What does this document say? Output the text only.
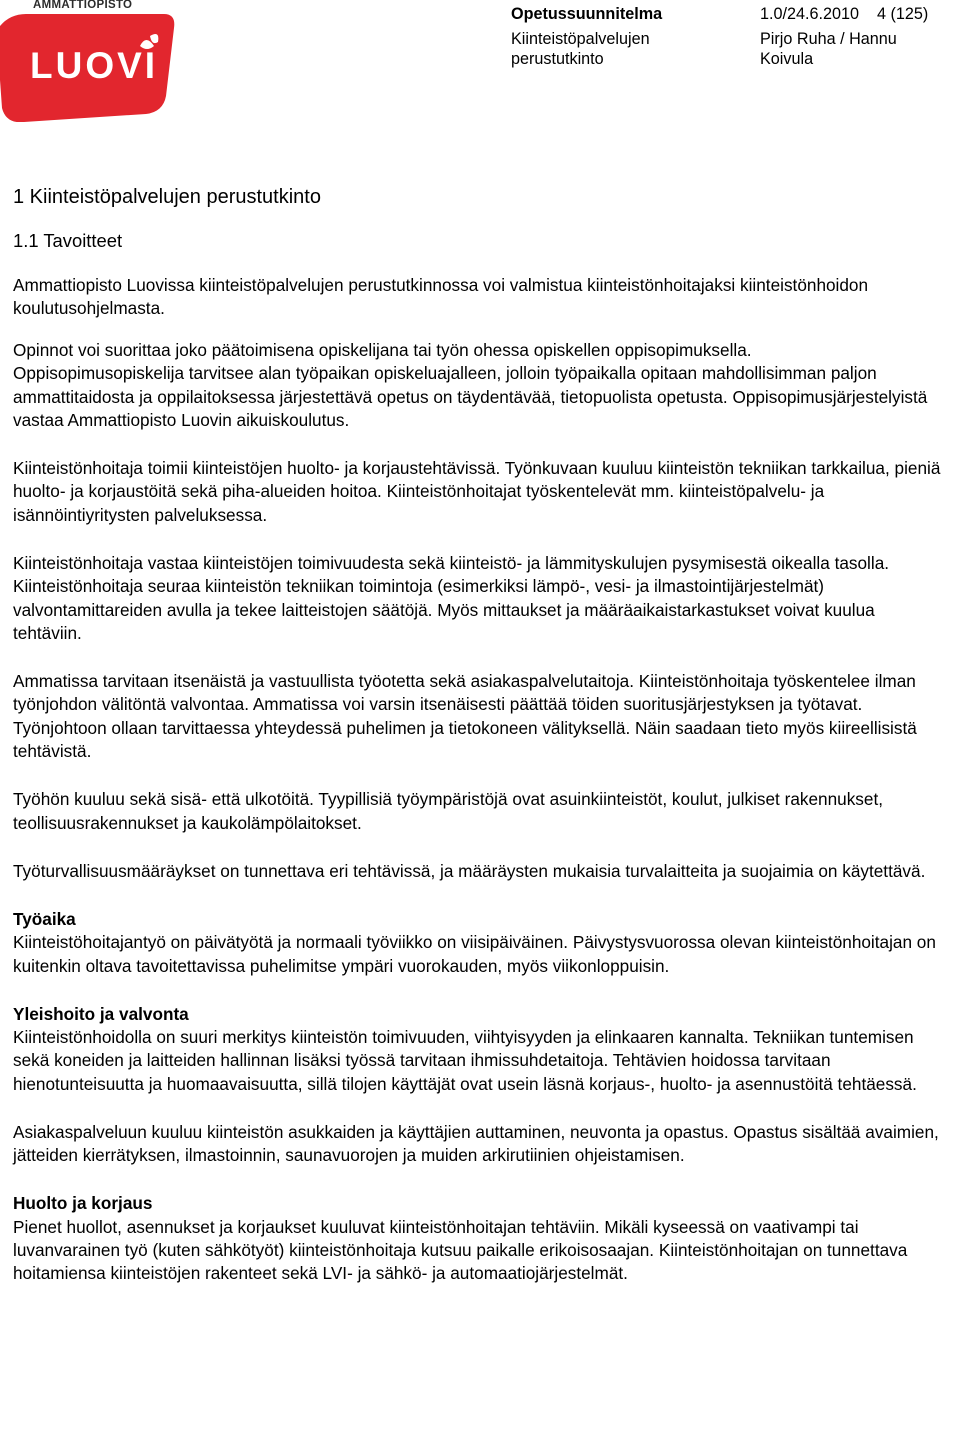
AMMATTIOPISTO
LUOVI
Opetussuunnitelma	1.0/24.6.2010 4 (125)
Kiinteistöpalvelujen perustutkinto
Pirjo Ruha / Hannu Koivula
1 Kiinteistöpalvelujen perustutkinto
1.1 Tavoitteet

Ammattiopisto Luovissa kiinteistöpalvelujen perustutkinnossa voi valmistua kiinteistönhoitajaksi kiinteistönhoidon koulutusohjelmasta.

Opinnot voi suorittaa joko päätoimisena opiskelijana tai työn ohessa opiskellen oppisopimuksella.

Oppisopimusopiskelija tarvitsee alan työpaikan opiskeluajalleen, jolloin työpaikalla opitaan mahdollisimman paljon ammattitaidosta ja oppilaitoksessa järjestettävä opetus on täydentävää, tietopuolista opetusta. Oppisopimusjärjestelyistä vastaa Ammattiopisto Luovin aikuiskoulutus.

Kiinteistönhoitaja toimii kiinteistöjen huolto- ja korjaustehtävissä. Työnkuvaan kuuluu kiinteistön tekniikan tarkkailua, pieniä huolto- ja korjaustöitä sekä piha-alueiden hoitoa. Kiinteistönhoitajat työskentelevät mm. kiinteistöpalvelu- ja isännöintiyritysten palveluksessa.

Kiinteistönhoitaja vastaa kiinteistöjen toimivuudesta sekä kiinteistö- ja lämmityskulujen pysymisestä oikealla tasolla. Kiinteistönhoitaja seuraa kiinteistön tekniikan toimintoja (esimerkiksi lämpö-, vesi- ja ilmastointijärjestelmät) valvontamittareiden avulla ja tekee laitteistojen säätöjä. Myös mittaukset ja määräaikaistarkastukset voivat kuulua tehtäviin.

Ammatissa tarvitaan itsenäistä ja vastuullista työotetta sekä asiakaspalvelutaitoja. Kiinteistönhoitaja työskentelee ilman työnjohdon välitöntä valvontaa. Ammatissa voi varsin itsenäisesti päättää töiden suoritusjärjestyksen ja työtavat. Työnjohtoon ollaan tarvittaessa yhteydessä puhelimen ja tietokoneen välityksellä. Näin saadaan tieto myös kiireellisistä tehtävistä.

Työhön kuuluu sekä sisä- että ulkotöitä. Tyypillisiä työympäristöjä ovat asuinkiinteistöt, koulut, julkiset rakennukset, teollisuusrakennukset ja kaukolämpölaitokset.

Työturvallisuusmääräykset on tunnettava eri tehtävissä, ja määräysten mukaisia turvalaitteita ja suojaimia on käytettävä.

Työaika

Kiinteistöhoitajantyö on päivätyötä ja normaali työviikko on viisipäiväinen. Päivystysvuorossa olevan kiinteistönhoitajan on kuitenkin oltava tavoitettavissa puhelimitse ympäri vuorokauden, myös viikonloppuisin.

Yleishoito ja valvonta

Kiinteistönhoidolla on suuri merkitys kiinteistön toimivuuden, viihtyisyyden ja elinkaaren kannalta. Tekniikan tuntemisen sekä koneiden ja laitteiden hallinnan lisäksi työssä tarvitaan ihmissuhdetaitoja. Tehtävien hoidossa tarvitaan hienotunteisuutta ja huomaavaisuutta, sillä tilojen käyttäjät ovat usein läsnä korjaus-, huolto- ja asennustöitä tehtäessä.

Asiakaspalveluun kuuluu kiinteistön asukkaiden ja käyttäjien auttaminen, neuvonta ja opastus. Opastus sisältää avaimien, jätteiden kierrätyksen, ilmastoinnin, saunavuorojen ja muiden arkirutiinien ohjeistamisen.

Huolto ja korjaus

Pienet huollot, asennukset ja korjaukset kuuluvat kiinteistönhoitajan tehtäviin. Mikäli kyseessä on vaativampi tai luvanvarainen työ (kuten sähkötyöt) kiinteistönhoitaja kutsuu paikalle erikoisosaajan. Kiinteistönhoitajan on tunnettava hoitamiensa kiinteistöjen rakenteet sekä LVI- ja sähkö- ja automaatiojärjestelmät.
